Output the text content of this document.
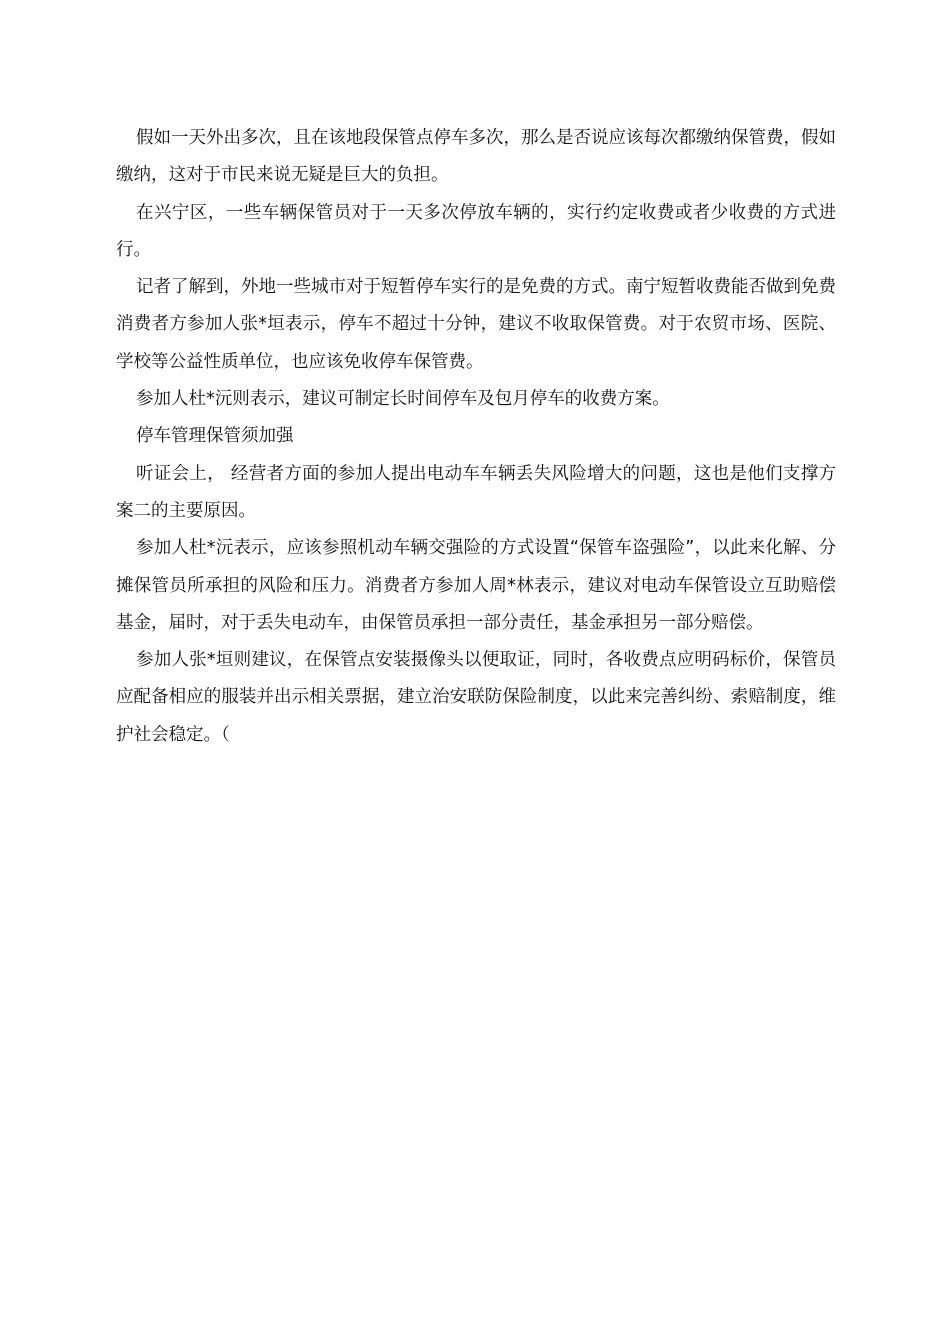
假如一天外出多次，且在该地段保管点停车多次，那么是否说应该每次都缴纳保管费，假如缴纳，这对于市民来说无疑是巨大的负担。

在兴宁区，一些车辆保管员对于一天多次停放车辆的，实行约定收费或者少收费的方式进行。

记者了解到，外地一些城市对于短暂停车实行的是免费的方式。南宁短暂收费能否做到免费 消费者方参加人张*垣表示，停车不超过十分钟，建议不收取保管费。对于农贸市场、医院、学校等公益性质单位，也应该免收停车保管费。

参加人杜*沅则表示，建议可制定长时间停车及包月停车的收费方案。

停车管理保管须加强

听证会上， 经营者方面的参加人提出电动车车辆丢失风险增大的问题，这也是他们支撑方案二的主要原因。

参加人杜*沅表示，应该参照机动车辆交强险的方式设置“保管车盗强险”，以此来化解、分摊保管员所承担的风险和压力。消费者方参加人周*林表示，建议对电动车保管设立互助赔偿基金，届时，对于丢失电动车，由保管员承担一部分责任，基金承担另一部分赔偿。

参加人张*垣则建议，在保管点安装摄像头以便取证，同时，各收费点应明码标价，保管员应配备相应的服装并出示相关票据，建立治安联防保险制度，以此来完善纠纷、索赔制度，维护社会稳定。（
